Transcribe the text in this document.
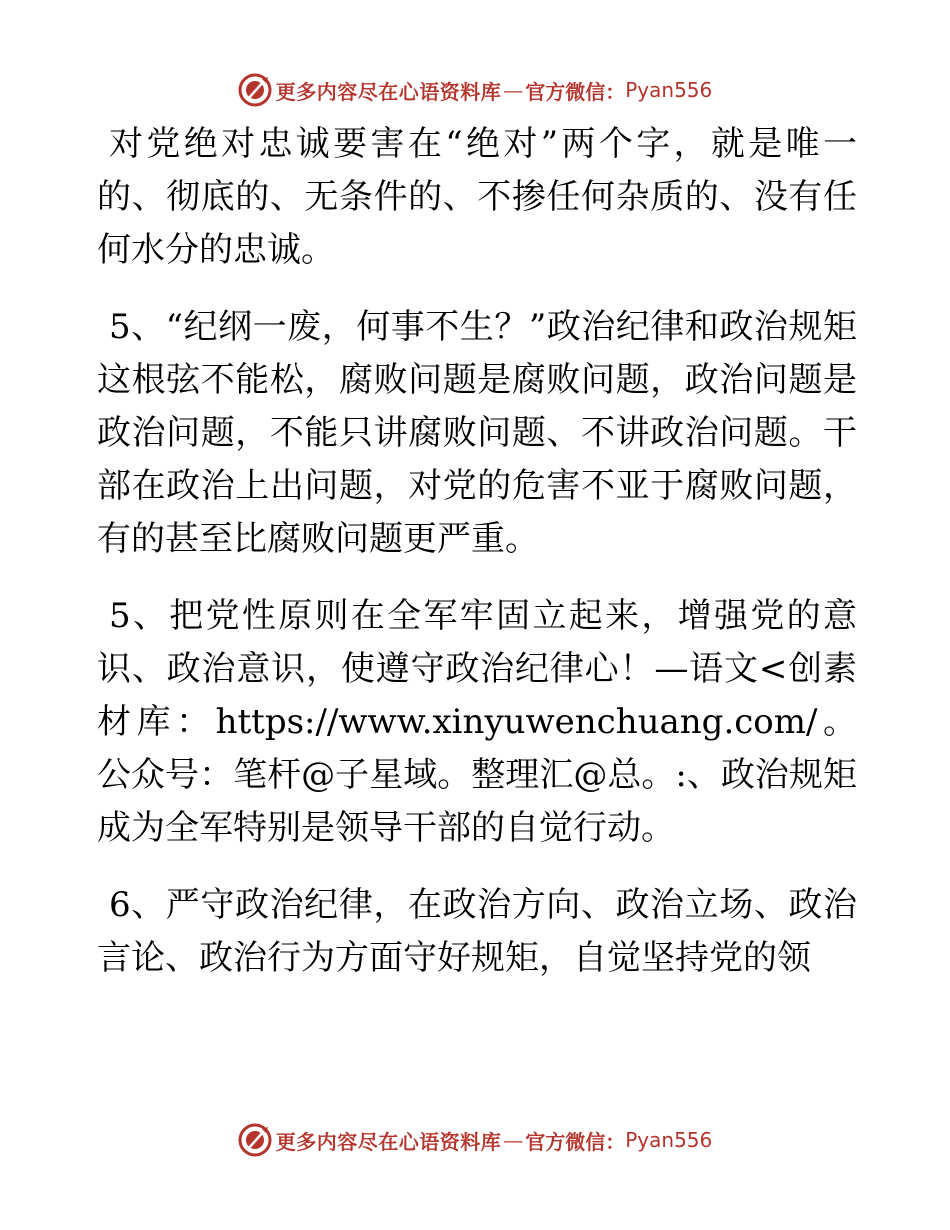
更多内容尽在心语资料库 — 官方微信： Pyan556

对党绝对忠诚要害在“绝对”两个字，就是唯一的、彻底的、无条件的、不掺任何杂质的、没有任何水分的忠诚。

5、“纪纲一废，何事不生？”政治纪律和政治规矩这根弦不能松，腐败问题是腐败问题，政治问题是政治问题，不能只讲腐败问题、不讲政治问题。干部在政治上出问题，对党的危害不亚于腐败问题，有的甚至比腐败问题更严重。

5、把党性原则在全军牢固立起来，增强党的意识、政治意识，使遵守政治纪律心！—语文<创素材库：https://www.xinyuwenchuang.com/。公众号：笔杆@子星域。整理汇@总。:、政治规矩成为全军特别是领导干部的自觉行动。

6、严守政治纪律，在政治方向、政治立场、政治言论、政治行为方面守好规矩，自觉坚持党的领

更多内容尽在心语资料库 — 官方微信： Pyan556
